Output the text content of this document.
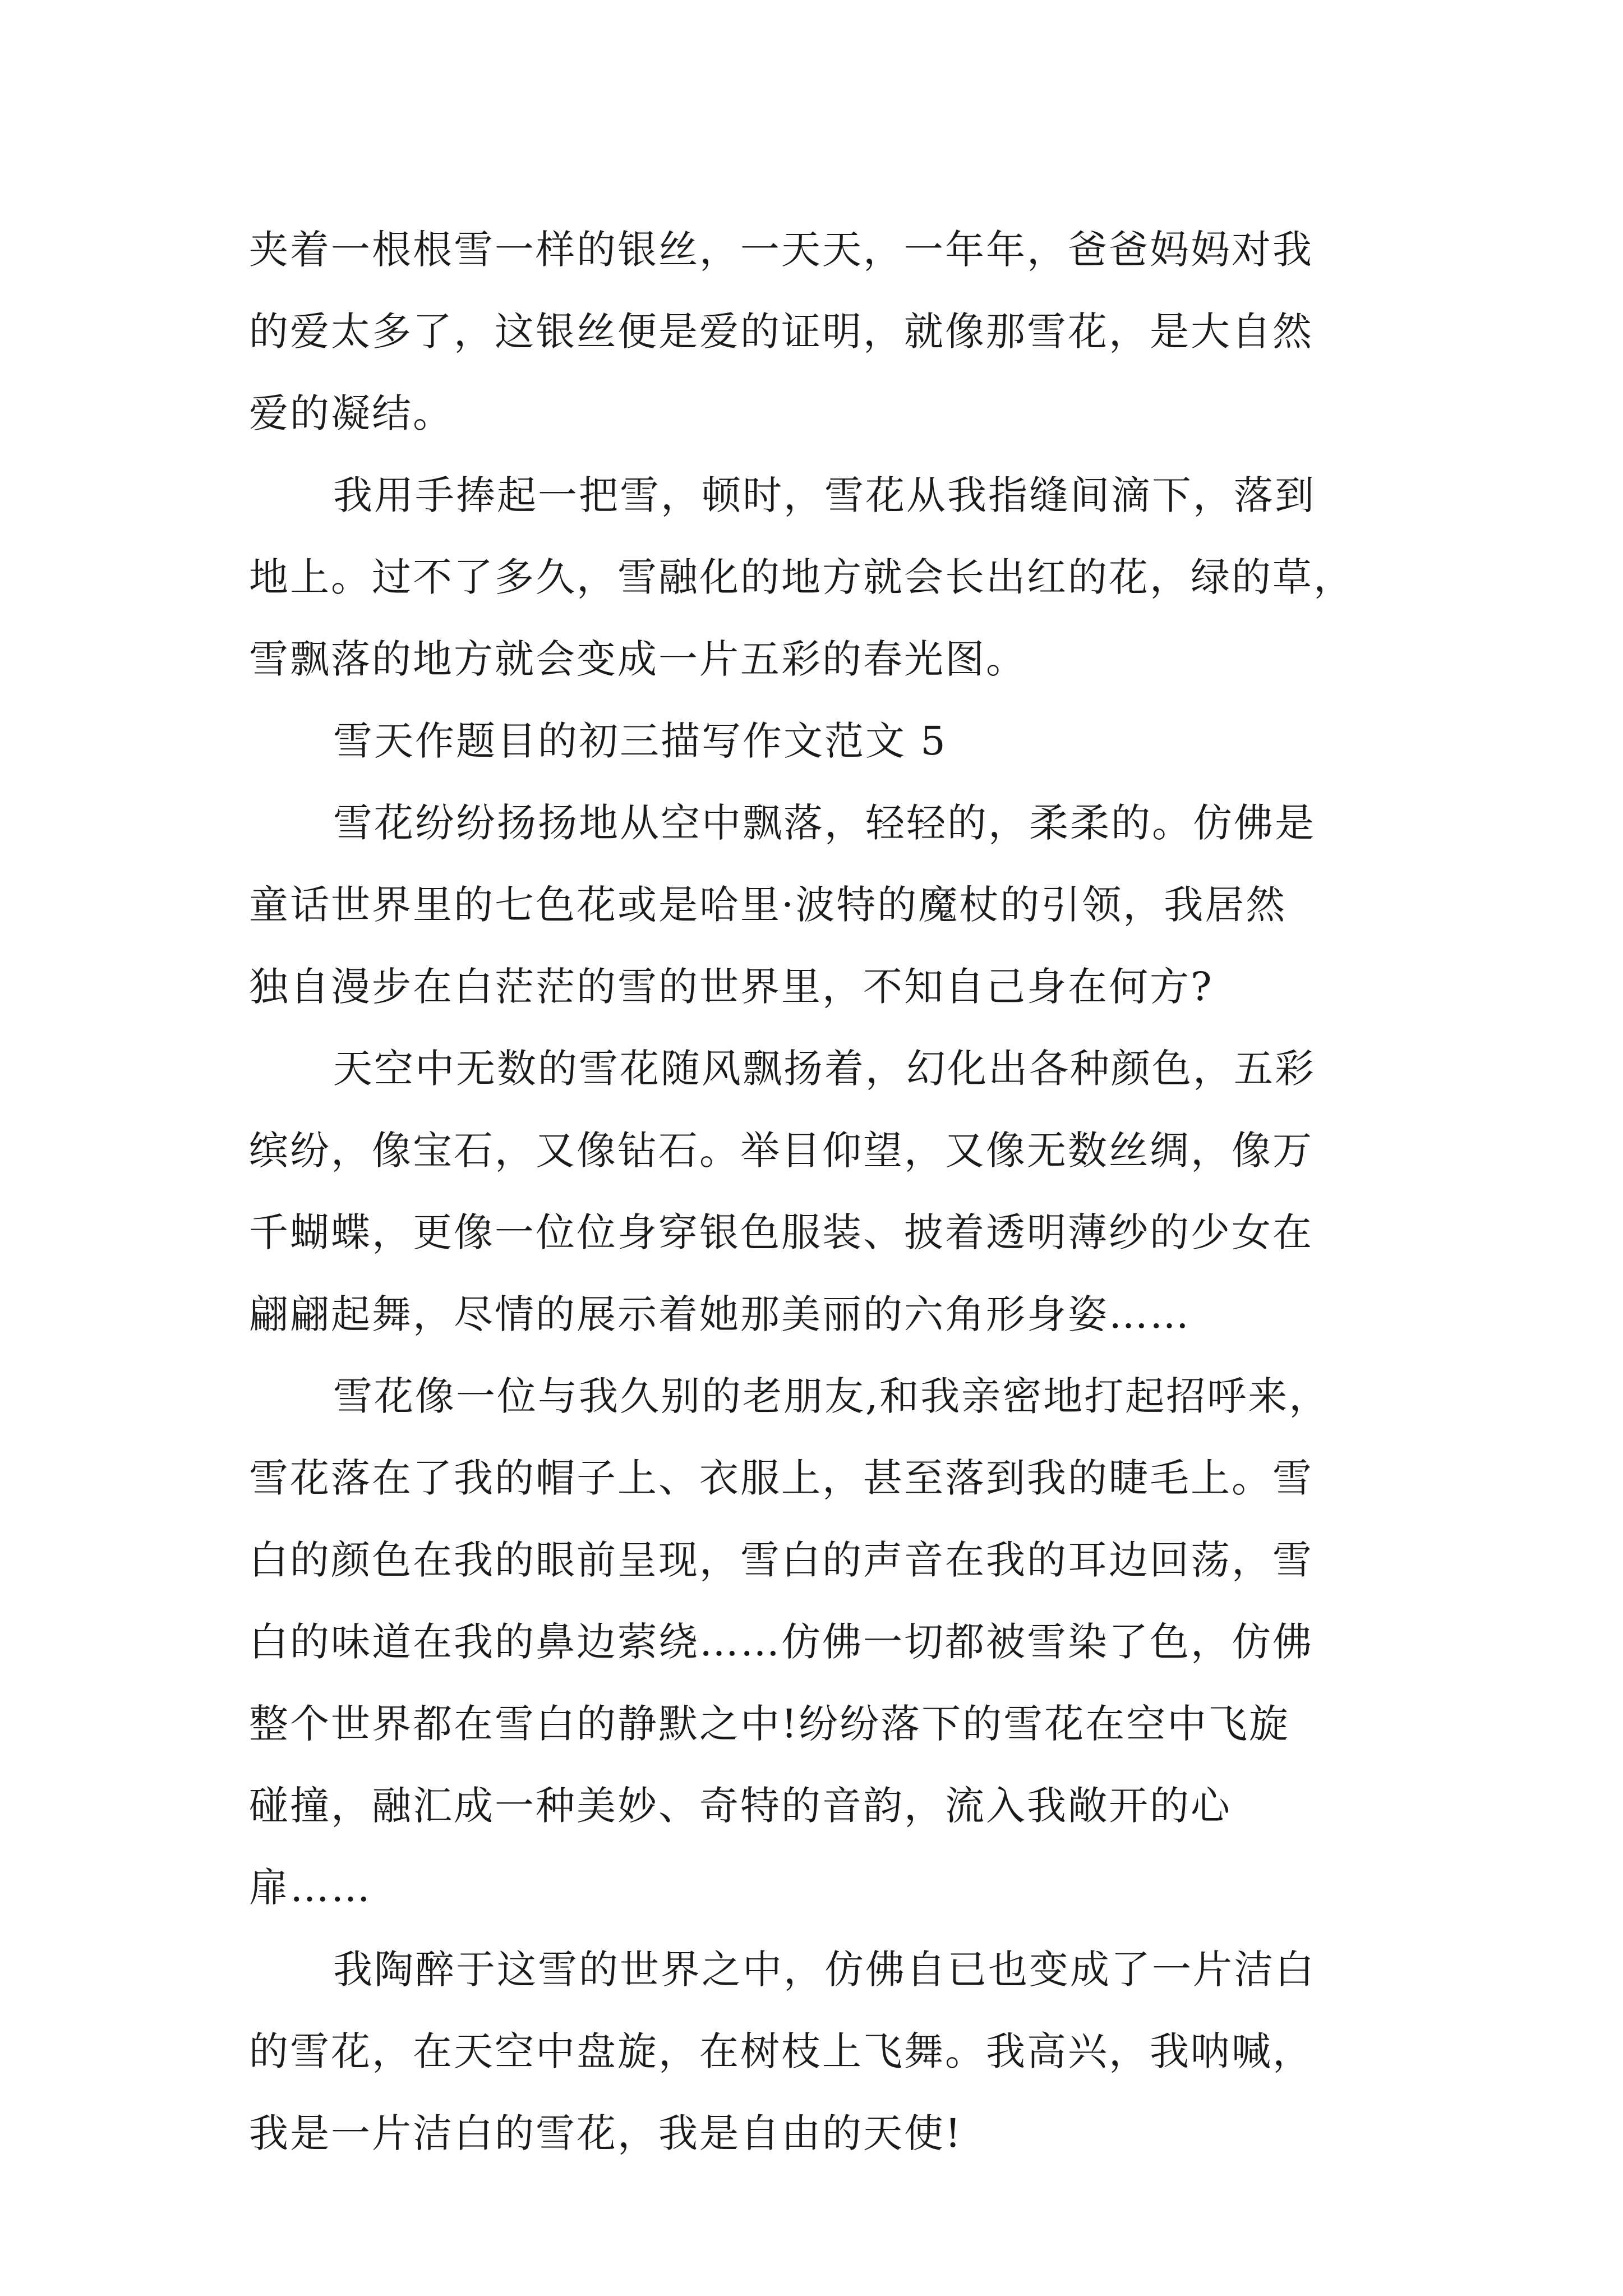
夹着一根根雪一样的银丝，一天天，一年年，爸爸妈妈对我
的爱太多了，这银丝便是爱的证明，就像那雪花，是大自然
爱的凝结。
我用手捧起一把雪，顿时，雪花从我指缝间滴下，落到
地上。过不了多久，雪融化的地方就会长出红的花，绿的草，
雪飘落的地方就会变成一片五彩的春光图。
雪天作题目的初三描写作文范文 5
雪花纷纷扬扬地从空中飘落，轻轻的，柔柔的。仿佛是
童话世界里的七色花或是哈里·波特的魔杖的引领，我居然
独自漫步在白茫茫的雪的世界里，不知自己身在何方?
天空中无数的雪花随风飘扬着，幻化出各种颜色，五彩
缤纷，像宝石，又像钻石。举目仰望，又像无数丝绸，像万
千蝴蝶，更像一位位身穿银色服装、披着透明薄纱的少女在
翩翩起舞，尽情的展示着她那美丽的六角形身姿……
雪花像一位与我久别的老朋友,和我亲密地打起招呼来，
雪花落在了我的帽子上、衣服上，甚至落到我的睫毛上。雪
白的颜色在我的眼前呈现，雪白的声音在我的耳边回荡，雪
白的味道在我的鼻边萦绕……仿佛一切都被雪染了色，仿佛
整个世界都在雪白的静默之中!纷纷落下的雪花在空中飞旋
碰撞，融汇成一种美妙、奇特的音韵，流入我敞开的心
扉……
我陶醉于这雪的世界之中，仿佛自已也变成了一片洁白
的雪花，在天空中盘旋，在树枝上飞舞。我高兴，我呐喊，
我是一片洁白的雪花，我是自由的天使!
